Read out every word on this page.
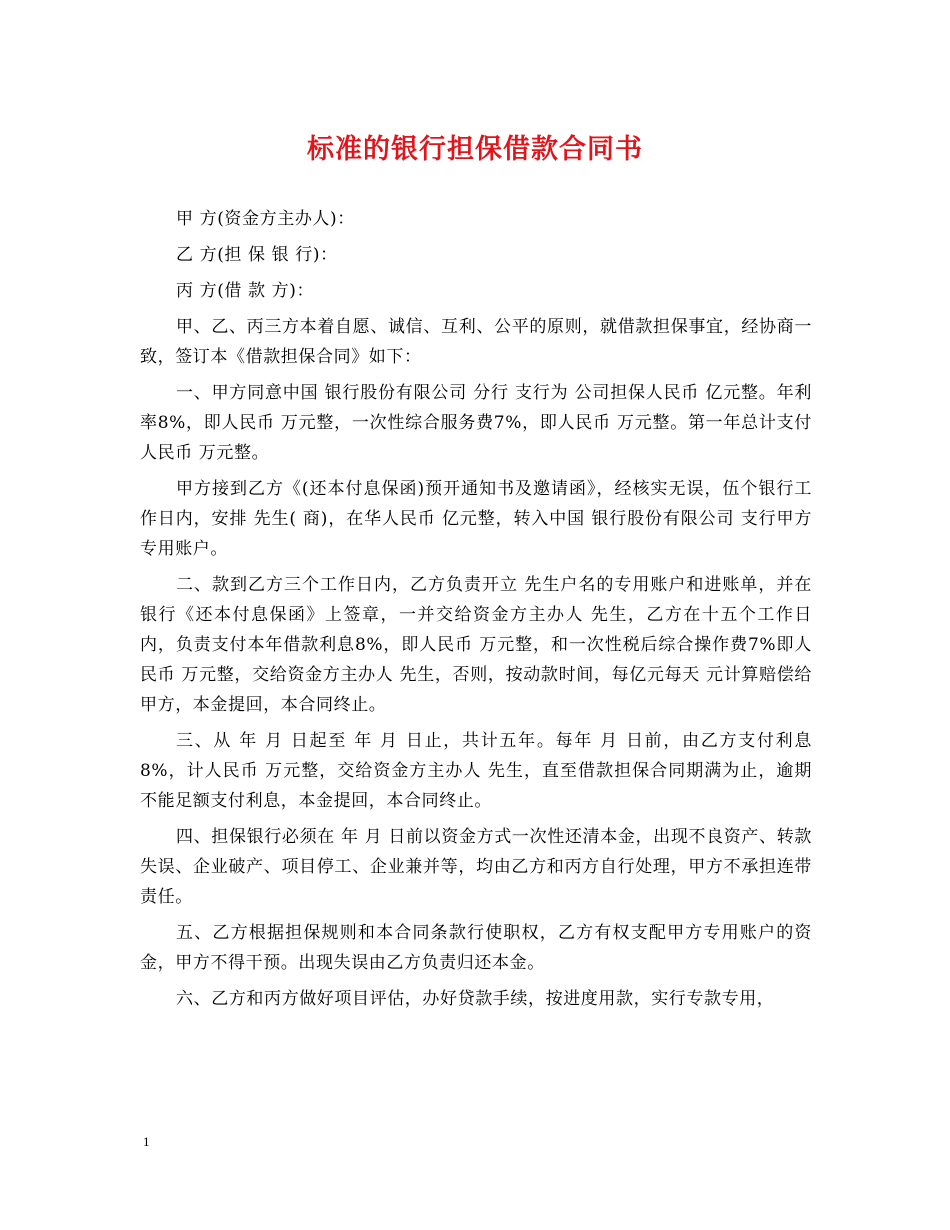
标准的银行担保借款合同书

甲 方(资金方主办人)：

乙 方(担 保 银 行)：

丙 方(借 款 方)：

甲、乙、丙三方本着自愿、诚信、互利、公平的原则，就借款担保事宜，经协商一致，签订本《借款担保合同》如下：

一、甲方同意中国 银行股份有限公司 分行 支行为 公司担保人民币 亿元整。年利率8%，即人民币 万元整，一次性综合服务费7%，即人民币 万元整。第一年总计支付人民币 万元整。

甲方接到乙方《(还本付息保函)预开通知书及邀请函》，经核实无误，伍个银行工作日内，安排 先生( 商)，在华人民币 亿元整，转入中国 银行股份有限公司 支行甲方专用账户。

二、款到乙方三个工作日内，乙方负责开立 先生户名的专用账户和进账单，并在银行《还本付息保函》上签章，一并交给资金方主办人 先生，乙方在十五个工作日内，负责支付本年借款利息8%，即人民币 万元整，和一次性税后综合操作费7%即人民币 万元整，交给资金方主办人 先生，否则，按动款时间，每亿元每天 元计算赔偿给甲方，本金提回，本合同终止。

三、从 年 月 日起至 年 月 日止，共计五年。每年 月 日前，由乙方支付利息8%，计人民币 万元整，交给资金方主办人 先生，直至借款担保合同期满为止，逾期不能足额支付利息，本金提回，本合同终止。

四、担保银行必须在 年 月 日前以资金方式一次性还清本金，出现不良资产、转款失误、企业破产、项目停工、企业兼并等，均由乙方和丙方自行处理，甲方不承担连带责任。

五、乙方根据担保规则和本合同条款行使职权，乙方有权支配甲方专用账户的资金，甲方不得干预。出现失误由乙方负责归还本金。

六、乙方和丙方做好项目评估，办好贷款手续，按进度用款，实行专款专用，

1
